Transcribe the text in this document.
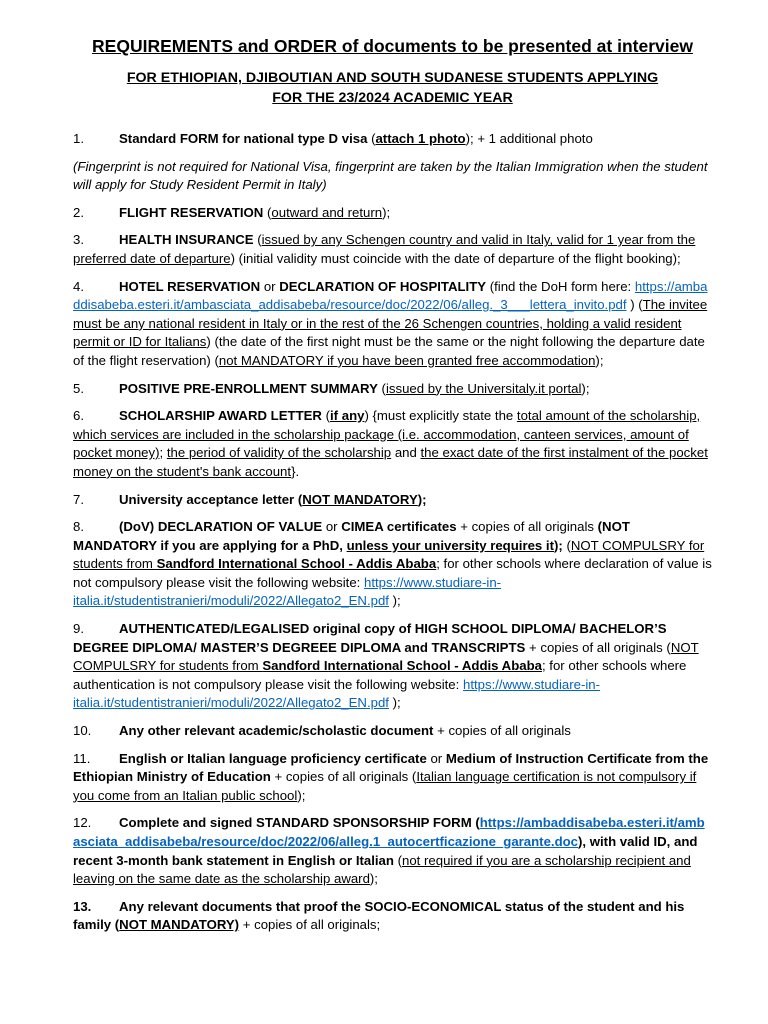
REQUIREMENTS and ORDER of documents to be presented at interview
FOR ETHIOPIAN, DJIBOUTIAN AND SOUTH SUDANESE STUDENTS APPLYING
FOR THE 23/2024 ACADEMIC YEAR
1.	Standard FORM for national type D visa (attach 1 photo); + 1 additional photo
(Fingerprint is not required for National Visa, fingerprint are taken by the Italian Immigration when the student will apply for Study Resident Permit in Italy)
2.	FLIGHT RESERVATION (outward and return);
3.	HEALTH INSURANCE (issued by any Schengen country and valid in Italy, valid for 1 year from the preferred date of departure) (initial validity must coincide with the date of departure of the flight booking);
4.	HOTEL RESERVATION or DECLARATION OF HOSPITALITY (find the DoH form here: https://ambaddisabeba.esteri.it/ambasciata_addisabeba/resource/doc/2022/06/alleg._3___lettera_invito.pdf ) (The invitee must be any national resident in Italy or in the rest of the 26 Schengen countries, holding a valid resident permit or ID for Italians) (the date of the first night must be the same or the night following the departure date of the flight reservation) (not MANDATORY if you have been granted free accommodation);
5.	POSITIVE PRE-ENROLLMENT SUMMARY (issued by the Universitaly.it portal);
6.	SCHOLARSHIP AWARD LETTER (if any) {must explicitly state the total amount of the scholarship, which services are included in the scholarship package (i.e. accommodation, canteen services, amount of pocket money); the period of validity of the scholarship and the exact date of the first instalment of the pocket money on the student's bank account}.
7.	University acceptance letter (NOT MANDATORY);
8.	(DoV) DECLARATION OF VALUE or CIMEA certificates + copies of all originals (NOT MANDATORY if you are applying for a PhD, unless your university requires it); (NOT COMPULSRY for students from Sandford International School - Addis Ababa; for other schools where declaration of value is not compulsory please visit the following website: https://www.studiare-in-italia.it/studentistranieri/moduli/2022/Allegato2_EN.pdf );
9.	AUTHENTICATED/LEGALISED original copy of HIGH SCHOOL DIPLOMA/ BACHELOR’S DEGREE DIPLOMA/ MASTER’S DEGREEE DIPLOMA and TRANSCRIPTS + copies of all originals (NOT COMPULSRY for students from Sandford International School - Addis Ababa; for other schools where authentication is not compulsory please visit the following website: https://www.studiare-in-italia.it/studentistranieri/moduli/2022/Allegato2_EN.pdf );
10. Any other relevant academic/scholastic document + copies of all originals
11. English or Italian language proficiency certificate or Medium of Instruction Certificate from the Ethiopian Ministry of Education + copies of all originals (Italian language certification is not compulsory if you come from an Italian public school);
12. Complete and signed STANDARD SPONSORSHIP FORM (https://ambaddisabeba.esteri.it/ambasciata_addisabeba/resource/doc/2022/06/alleg.1_autocertficazione_garante.doc), with valid ID, and recent 3-month bank statement in English or Italian (not required if you are a scholarship recipient and leaving on the same date as the scholarship award);
13. Any relevant documents that proof the SOCIO-ECONOMICAL status of the student and his family (NOT MANDATORY) + copies of all originals;
